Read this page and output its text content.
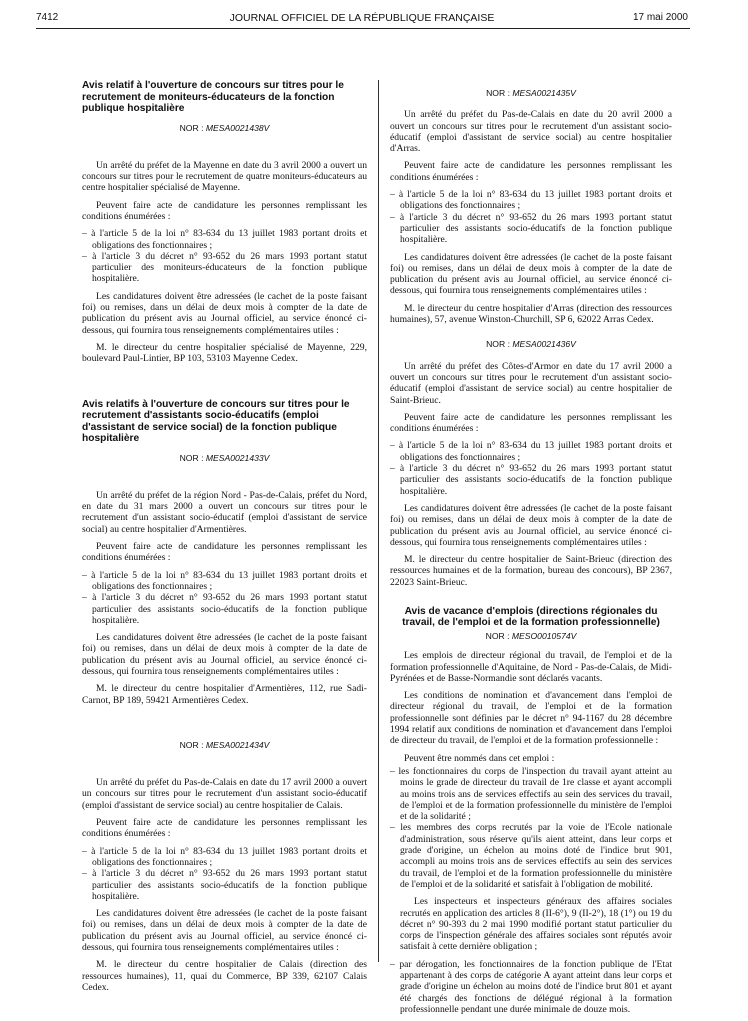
7412	JOURNAL OFFICIEL DE LA RÉPUBLIQUE FRANÇAISE	17 mai 2000
Avis relatif à l'ouverture de concours sur titres pour le recrutement de moniteurs-éducateurs de la fonction publique hospitalière
NOR : MESA0021438V

Un arrêté du préfet de la Mayenne en date du 3 avril 2000 a ouvert un concours sur titres pour le recrutement de quatre moniteurs-éducateurs au centre hospitalier spécialisé de Mayenne.

Peuvent faire acte de candidature les personnes remplissant les conditions énumérées :

– à l'article 5 de la loi n° 83-634 du 13 juillet 1983 portant droits et obligations des fonctionnaires ;
– à l'article 3 du décret n° 93-652 du 26 mars 1993 portant statut particulier des moniteurs-éducateurs de la fonction publique hospitalière.

Les candidatures doivent être adressées (le cachet de la poste faisant foi) ou remises, dans un délai de deux mois à compter de la date de publication du présent avis au Journal officiel, au service énoncé ci-dessous, qui fournira tous renseignements complémentaires utiles :

M. le directeur du centre hospitalier spécialisé de Mayenne, 229, boulevard Paul-Lintier, BP 103, 53103 Mayenne Cedex.

Avis relatifs à l'ouverture de concours sur titres pour le recrutement d'assistants socio-éducatifs (emploi d'assistant de service social) de la fonction publique hospitalière
NOR : MESA0021433V

Un arrêté du préfet de la région Nord - Pas-de-Calais, préfet du Nord, en date du 31 mars 2000 a ouvert un concours sur titres pour le recrutement d'un assistant socio-éducatif (emploi d'assistant de service social) au centre hospitalier d'Armentières.

Peuvent faire acte de candidature les personnes remplissant les conditions énumérées :

– à l'article 5 de la loi n° 83-634 du 13 juillet 1983 portant droits et obligations des fonctionnaires ;
– à l'article 3 du décret n° 93-652 du 26 mars 1993 portant statut particulier des assistants socio-éducatifs de la fonction publique hospitalière.

Les candidatures doivent être adressées (le cachet de la poste faisant foi) ou remises, dans un délai de deux mois à compter de la date de publication du présent avis au Journal officiel, au service énoncé ci-dessous, qui fournira tous renseignements complémentaires utiles :

M. le directeur du centre hospitalier d'Armentières, 112, rue Sadi-Carnot, BP 189, 59421 Armentières Cedex.

NOR : MESA0021434V

Un arrêté du préfet du Pas-de-Calais en date du 17 avril 2000 a ouvert un concours sur titres pour le recrutement d'un assistant socio-éducatif (emploi d'assistant de service social) au centre hospitalier de Calais.

Peuvent faire acte de candidature les personnes remplissant les conditions énumérées :

– à l'article 5 de la loi n° 83-634 du 13 juillet 1983 portant droits et obligations des fonctionnaires ;
– à l'article 3 du décret n° 93-652 du 26 mars 1993 portant statut particulier des assistants socio-éducatifs de la fonction publique hospitalière.

Les candidatures doivent être adressées (le cachet de la poste faisant foi) ou remises, dans un délai de deux mois à compter de la date de publication du présent avis au Journal officiel, au service énoncé ci-dessous, qui fournira tous renseignements complémentaires utiles :

M. le directeur du centre hospitalier de Calais (direction des ressources humaines), 11, quai du Commerce, BP 339, 62107 Calais Cedex.

NOR : MESA0021435V

Un arrêté du préfet du Pas-de-Calais en date du 20 avril 2000 a ouvert un concours sur titres pour le recrutement d'un assistant socio-éducatif (emploi d'assistant de service social) au centre hospitalier d'Arras.

Peuvent faire acte de candidature les personnes remplissant les conditions énumérées :

– à l'article 5 de la loi n° 83-634 du 13 juillet 1983 portant droits et obligations des fonctionnaires ;
– à l'article 3 du décret n° 93-652 du 26 mars 1993 portant statut particulier des assistants socio-éducatifs de la fonction publique hospitalière.

Les candidatures doivent être adressées (le cachet de la poste faisant foi) ou remises, dans un délai de deux mois à compter de la date de publication du présent avis au Journal officiel, au service énoncé ci-dessous, qui fournira tous renseignements complémentaires utiles :

M. le directeur du centre hospitalier d'Arras (direction des ressources humaines), 57, avenue Winston-Churchill, SP 6, 62022 Arras Cedex.

NOR : MESA0021436V

Un arrêté du préfet des Côtes-d'Armor en date du 17 avril 2000 a ouvert un concours sur titres pour le recrutement d'un assistant socio-éducatif (emploi d'assistant de service social) au centre hospitalier de Saint-Brieuc.

Peuvent faire acte de candidature les personnes remplissant les conditions énumérées :

– à l'article 5 de la loi n° 83-634 du 13 juillet 1983 portant droits et obligations des fonctionnaires ;
– à l'article 3 du décret n° 93-652 du 26 mars 1993 portant statut particulier des assistants socio-éducatifs de la fonction publique hospitalière.

Les candidatures doivent être adressées (le cachet de la poste faisant foi) ou remises, dans un délai de deux mois à compter de la date de publication du présent avis au Journal officiel, au service énoncé ci-dessous, qui fournira tous renseignements complémentaires utiles :

M. le directeur du centre hospitalier de Saint-Brieuc (direction des ressources humaines et de la formation, bureau des concours), BP 2367, 22023 Saint-Brieuc.

Avis de vacance d'emplois (directions régionales du travail, de l'emploi et de la formation professionnelle)
NOR : MESO0010574V

Les emplois de directeur régional du travail, de l'emploi et de la formation professionnelle d'Aquitaine, de Nord - Pas-de-Calais, de Midi-Pyrénées et de Basse-Normandie sont déclarés vacants.

Les conditions de nomination et d'avancement dans l'emploi de directeur régional du travail, de l'emploi et de la formation professionnelle sont définies par le décret n° 94-1167 du 28 décembre 1994 relatif aux conditions de nomination et d'avancement dans l'emploi de directeur du travail, de l'emploi et de la formation professionnelle :

Peuvent être nommés dans cet emploi :

– les fonctionnaires du corps de l'inspection du travail ayant atteint au moins le grade de directeur du travail de 1re classe et ayant accompli au moins trois ans de services effectifs au sein des services du travail, de l'emploi et de la formation professionnelle du ministère de l'emploi et de la solidarité ;
– les membres des corps recrutés par la voie de l'Ecole nationale d'administration, sous réserve qu'ils aient atteint, dans leur corps et grade d'origine, un échelon au moins doté de l'indice brut 901, accompli au moins trois ans de services effectifs au sein des services du travail, de l'emploi et de la formation professionnelle du ministère de l'emploi et de la solidarité et satisfait à l'obligation de mobilité.

Les inspecteurs et inspecteurs généraux des affaires sociales recrutés en application des articles 8 (II-6°), 9 (II-2°), 18 (1°) ou 19 du décret n° 90-393 du 2 mai 1990 modifié portant statut particulier du corps de l'inspection générale des affaires sociales sont réputés avoir satisfait à cette dernière obligation ;

– par dérogation, les fonctionnaires de la fonction publique de l'Etat appartenant à des corps de catégorie A ayant atteint dans leur corps et grade d'origine un échelon au moins doté de l'indice brut 801 et ayant été chargés des fonctions de délégué régional à la formation professionnelle pendant une durée minimale de douze mois.
